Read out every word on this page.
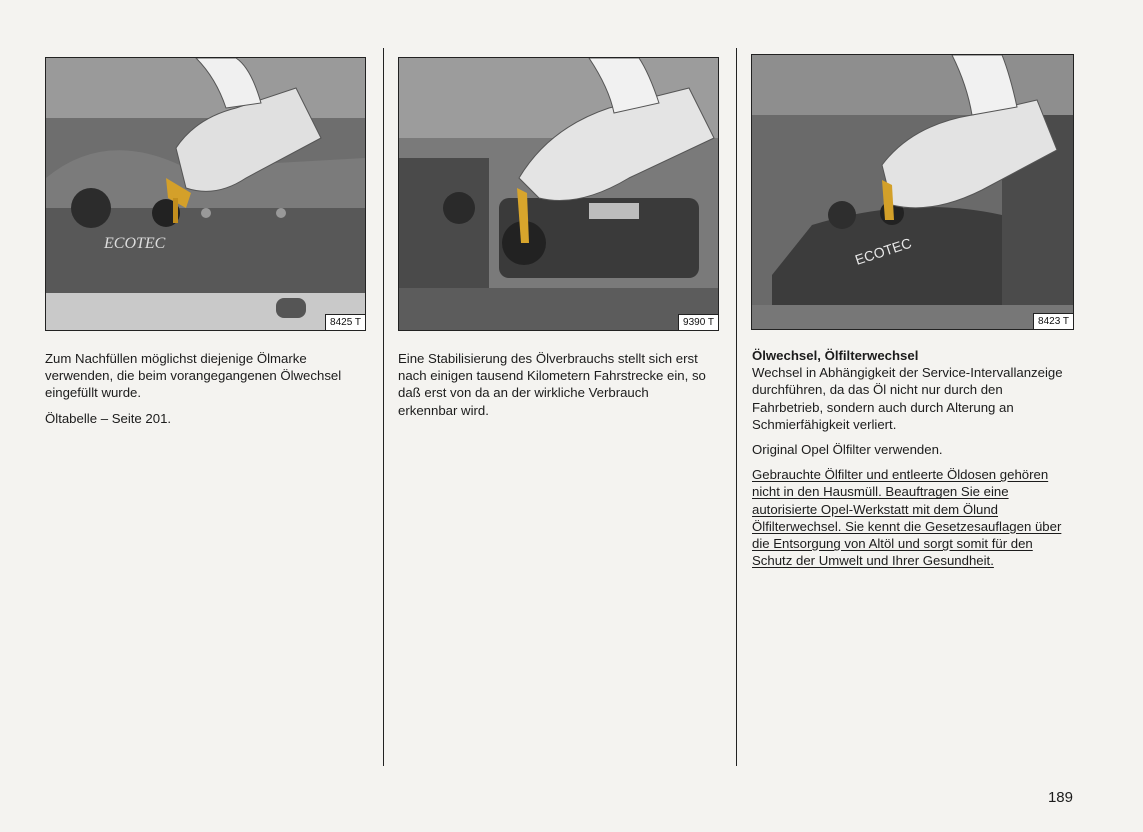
ECOTEC
8425 T	9390 T
ECOTEC
8423 T

Zum Nachfüllen möglichst diejenige Ölmarke verwenden, die beim vorangegangenen Ölwechsel eingefüllt wurde.

Öltabelle – Seite 201.

Eine Stabilisierung des Ölverbrauchs stellt sich erst nach einigen tausend Kilometern Fahrstrecke ein, so daß erst von da an der wirkliche Verbrauch erkennbar wird.

Ölwechsel, Ölfilterwechsel

Wechsel in Abhängigkeit der Service-Intervallanzeige durchführen, da das Öl nicht nur durch den Fahrbetrieb, sondern auch durch Alterung an Schmierfähigkeit verliert.

Original Opel Ölfilter verwenden.

Gebrauchte Ölfilter und entleerte Öldosen gehören nicht in den Hausmüll. Beauftragen Sie eine autorisierte Opel-Werkstatt mit dem Ölund Ölfilterwechsel. Sie kennt die Gesetzesauflagen über die Entsorgung von Altöl und sorgt somit für den Schutz der Umwelt und Ihrer Gesundheit.

189
